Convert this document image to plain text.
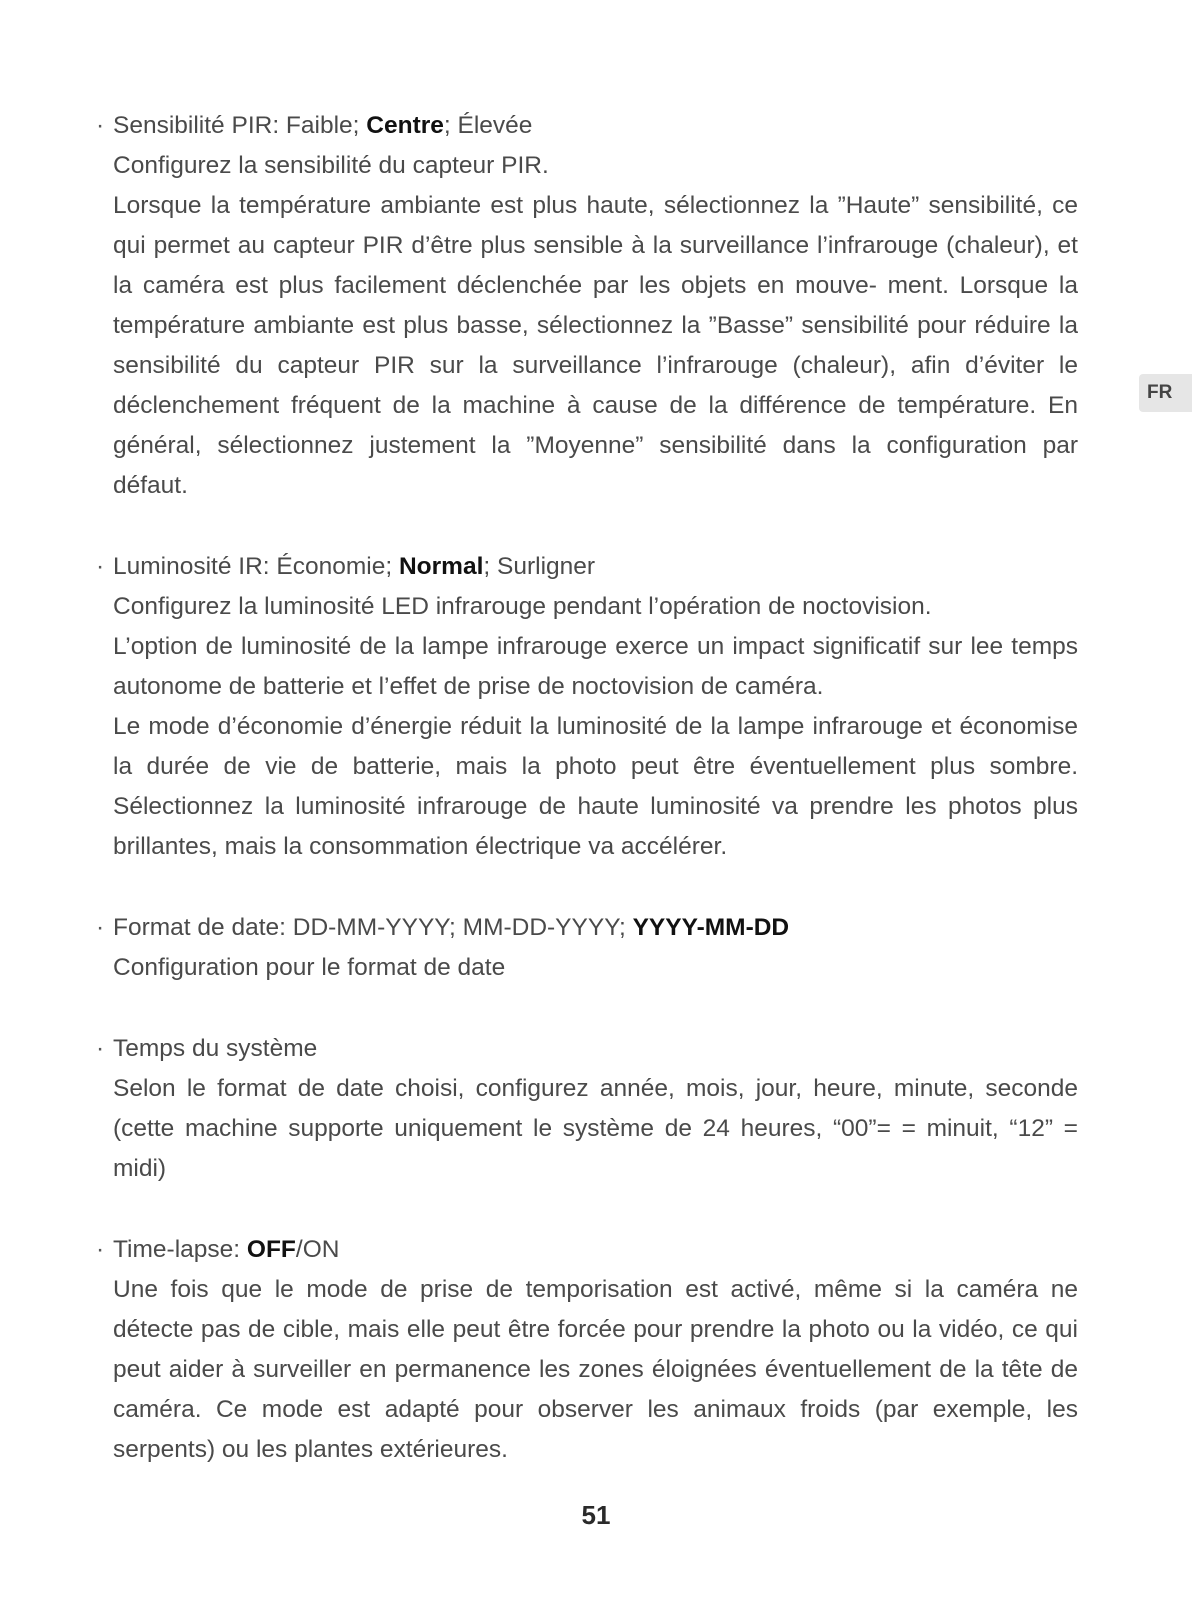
· Sensibilité PIR: Faible; Centre; Élevée

Configurez la sensibilité du capteur PIR.

Lorsque la température ambiante est plus haute, sélectionnez la ”Haute” sensibilité, ce qui permet au capteur PIR d’être plus sensible à la surveillance l’infrarouge (chaleur), et la caméra est plus facilement déclenchée par les objets en mouve- ment. Lorsque la température ambiante est plus basse, sélectionnez la ”Basse” sensibilité pour réduire la sensibilité du capteur PIR sur la surveillance l’infrarouge (chaleur), afin d’éviter le déclenchement fréquent de la machine à cause de la différence de température. En général, sélectionnez justement la ”Moyenne” sensibilité dans la configuration par défaut.

· Luminosité IR: Économie; Normal; Surligner

Configurez la luminosité LED infrarouge pendant l’opération de noctovision.

L’option de luminosité de la lampe infrarouge exerce un impact significatif sur lee temps autonome de batterie et l’effet de prise de noctovision de caméra.

Le mode d’économie d’énergie réduit la luminosité de la lampe infrarouge et économise la durée de vie de batterie, mais la photo peut être éventuellement plus sombre. Sélectionnez la luminosité infrarouge de haute luminosité va prendre les photos plus brillantes, mais la consommation électrique va accélérer.

· Format de date: DD-MM-YYYY; MM-DD-YYYY; YYYY-MM-DD

Configuration pour le format de date

· Temps du système

Selon le format de date choisi, configurez année, mois, jour, heure, minute, seconde (cette machine supporte uniquement le système de 24 heures, “00”= = minuit, “12” = midi)

· Time-lapse: OFF/ON

Une fois que le mode de prise de temporisation est activé, même si la caméra ne détecte pas de cible, mais elle peut être forcée pour prendre la photo ou la vidéo, ce qui peut aider à surveiller en permanence les zones éloignées éventuellement de la tête de caméra. Ce mode est adapté pour observer les animaux froids (par exemple, les serpents) ou les plantes extérieures.

FR
51
